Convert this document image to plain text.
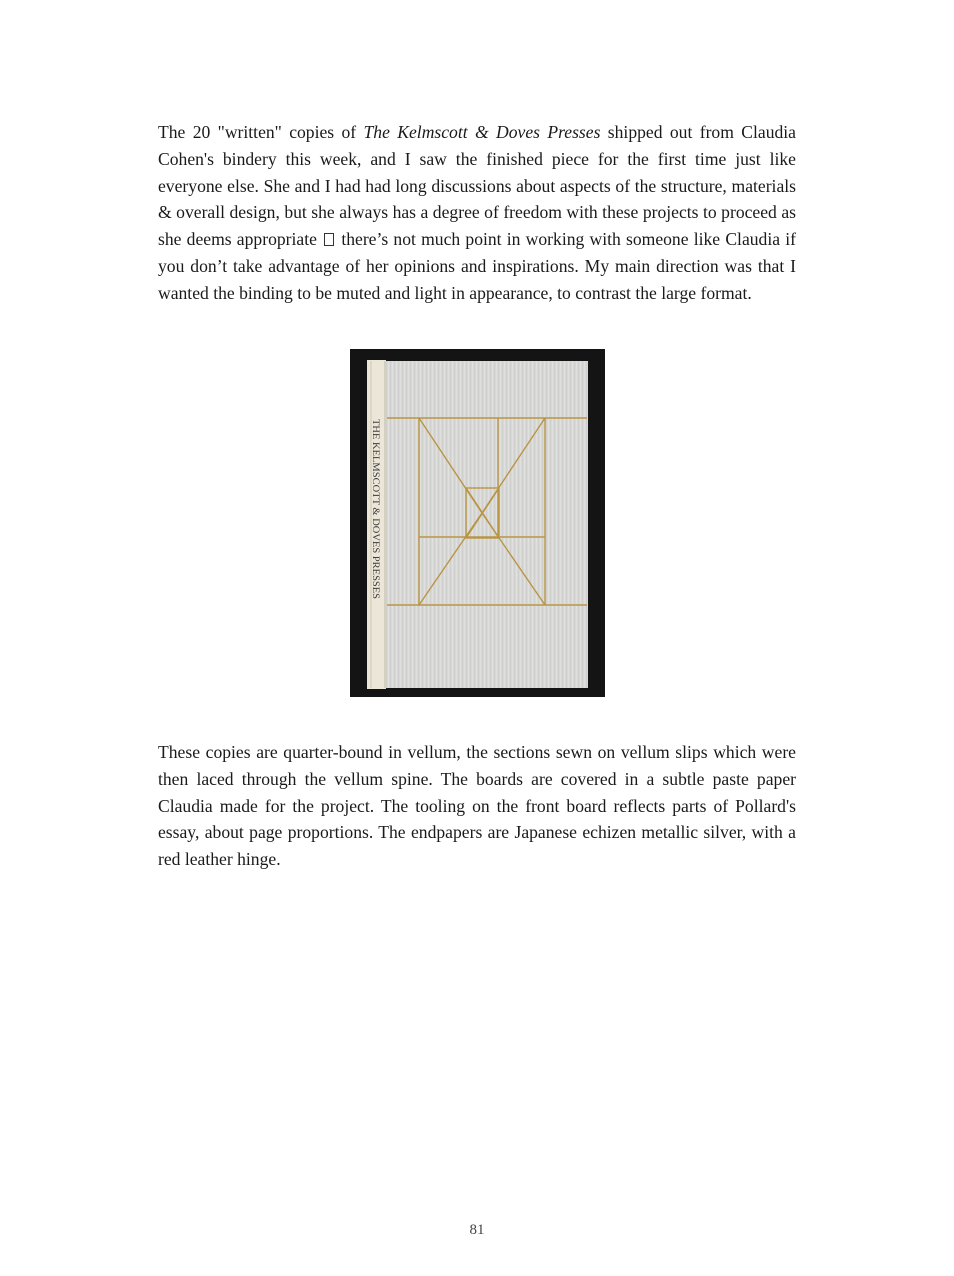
The 20 "written" copies of The Kelmscott & Doves Presses shipped out from Claudia Cohen's bindery this week, and I saw the finished piece for the first time just like everyone else. She and I had had long discussions about aspects of the structure, materials & overall design, but she always has a degree of freedom with these projects to proceed as she deems appropriate  there’s not much point in working with someone like Claudia if you don’t take advantage of her opinions and inspirations. My main direction was that I wanted the binding to be muted and light in appearance, to contrast the large format.

THE KELMSCOTT & DOVES PRESSES

These copies are quarter-bound in vellum, the sections sewn on vellum slips which were then laced through the vellum spine. The boards are covered in a subtle paste paper Claudia made for the project. The tooling on the front board reflects parts of Pollard's essay, about page proportions. The endpapers are Japanese echizen metallic silver, with a red leather hinge.

81
